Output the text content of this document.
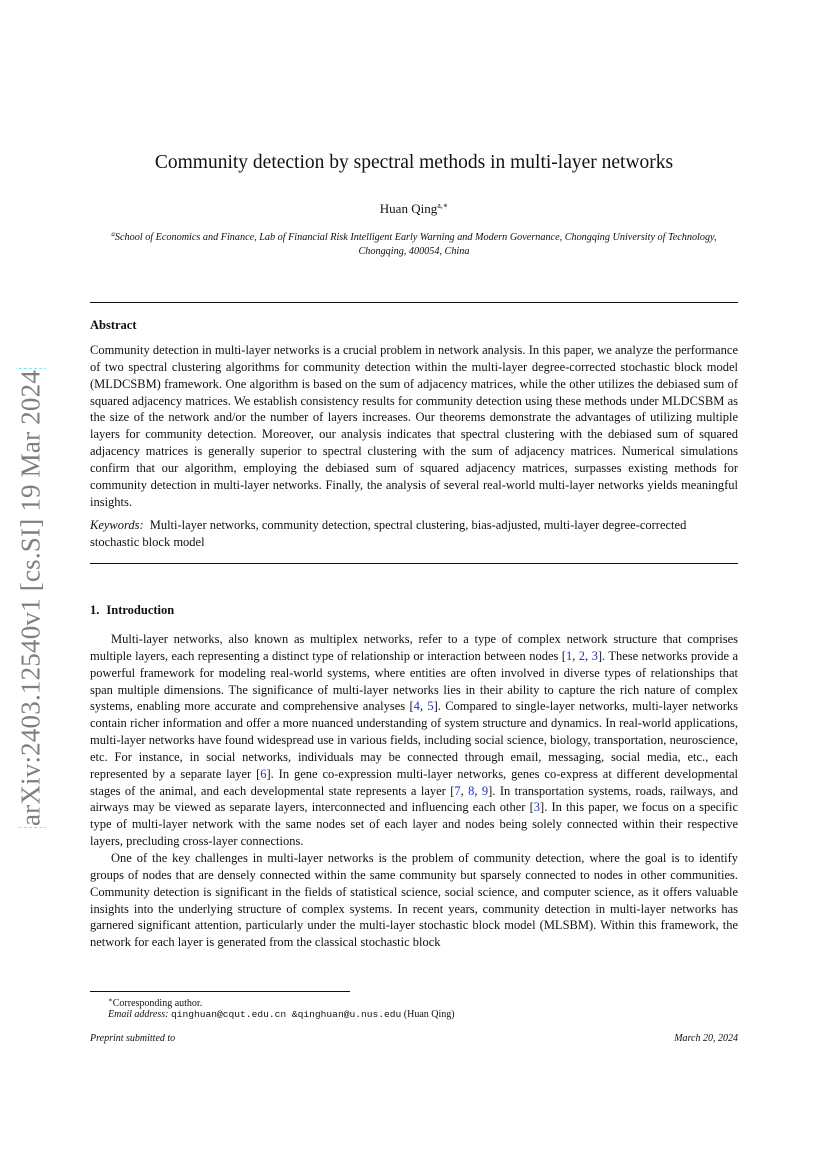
arXiv:2403.12540v1 [cs.SI] 19 Mar 2024
Community detection by spectral methods in multi-layer networks
Huan Qing$^{a,∗}$
$^a$School of Economics and Finance, Lab of Financial Risk Intelligent Early Warning and Modern Governance, Chongqing University of Technology, Chongqing, 400054, China
Abstract
Community detection in multi-layer networks is a crucial problem in network analysis. In this paper, we analyze the performance of two spectral clustering algorithms for community detection within the multi-layer degree-corrected stochastic block model (MLDCSBM) framework. One algorithm is based on the sum of adjacency matrices, while the other utilizes the debiased sum of squared adjacency matrices. We establish consistency results for community detection using these methods under MLDCSBM as the size of the network and/or the number of layers increases. Our theorems demonstrate the advantages of utilizing multiple layers for community detection. Moreover, our analysis indicates that spectral clustering with the debiased sum of squared adjacency matrices is generally superior to spectral clustering with the sum of adjacency matrices. Numerical simulations confirm that our algorithm, employing the debiased sum of squared adjacency matrices, surpasses existing methods for community detection in multi-layer networks. Finally, the analysis of several real-world multi-layer networks yields meaningful insights.
Keywords: Multi-layer networks, community detection, spectral clustering, bias-adjusted, multi-layer degree-corrected stochastic block model
1. Introduction

Multi-layer networks, also known as multiplex networks, refer to a type of complex network structure that comprises multiple layers, each representing a distinct type of relationship or interaction between nodes [1, 2, 3]. These networks provide a powerful framework for modeling real-world systems, where entities are often involved in diverse types of relationships that span multiple dimensions. The significance of multi-layer networks lies in their ability to capture the rich nature of complex systems, enabling more accurate and comprehensive analyses [4, 5]. Compared to single-layer networks, multi-layer networks contain richer information and offer a more nuanced understanding of system structure and dynamics. In real-world applications, multi-layer networks have found widespread use in various fields, including social science, biology, transportation, neuroscience, etc. For instance, in social networks, individuals may be connected through email, messaging, social media, etc., each represented by a separate layer [6]. In gene co-expression multi-layer networks, genes co-express at different developmental stages of the animal, and each developmental state represents a layer [7, 8, 9]. In transportation systems, roads, railways, and airways may be viewed as separate layers, interconnected and influencing each other [3]. In this paper, we focus on a specific type of multi-layer network with the same nodes set of each layer and nodes being solely connected within their respective layers, precluding cross-layer connections.

One of the key challenges in multi-layer networks is the problem of community detection, where the goal is to identify groups of nodes that are densely connected within the same community but sparsely connected to nodes in other communities. Community detection is significant in the fields of statistical science, social science, and computer science, as it offers valuable insights into the underlying structure of complex systems. In recent years, community detection in multi-layer networks has garnered significant attention, particularly under the multi-layer stochastic block model (MLSBM). Within this framework, the network for each layer is generated from the classical stochastic block

∗Corresponding author.
Email address: qinghuan@cqut.edu.cn &qinghuan@u.nus.edu (Huan Qing)
Preprint submitted to	March 20, 2024
